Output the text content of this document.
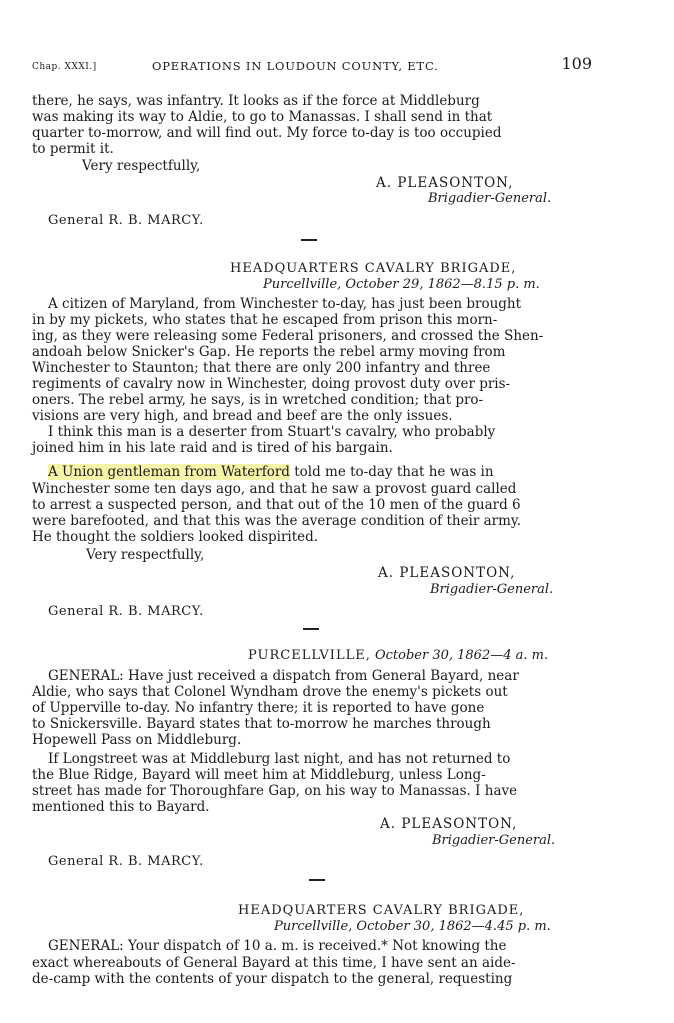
Chap. XXXI.]	OPERATIONS IN LOUDOUN COUNTY, ETC.	109
there, he says, was infantry. It looks as if the force at Middleburg
was making its way to Aldie, to go to Manassas. I shall send in that
quarter to-morrow, and will find out. My force to-day is too occupied
to permit it.
Very respectfully,
A. PLEASONTON,
Brigadier-General.
General R. B. MARCY.
HEADQUARTERS CAVALRY BRIGADE,
Purcellville, October 29, 1862—8.15 p. m.
A citizen of Maryland, from Winchester to-day, has just been brought
in by my pickets, who states that he escaped from prison this morn-
ing, as they were releasing some Federal prisoners, and crossed the Shen-
andoah below Snicker's Gap. He reports the rebel army moving from
Winchester to Staunton; that there are only 200 infantry and three
regiments of cavalry now in Winchester, doing provost duty over pris-
oners. The rebel army, he says, is in wretched condition; that pro-
visions are very high, and bread and beef are the only issues.
I think this man is a deserter from Stuart's cavalry, who probably
joined him in his late raid and is tired of his bargain.
A Union gentleman from Waterford told me to-day that he was in
Winchester some ten days ago, and that he saw a provost guard called
to arrest a suspected person, and that out of the 10 men of the guard 6
were barefooted, and that this was the average condition of their army.
He thought the soldiers looked dispirited.
Very respectfully,
A. PLEASONTON,
Brigadier-General.
General R. B. MARCY.
PURCELLVILLE, October 30, 1862—4 a. m.
GENERAL: Have just received a dispatch from General Bayard, near
Aldie, who says that Colonel Wyndham drove the enemy's pickets out
of Upperville to-day. No infantry there; it is reported to have gone
to Snickersville. Bayard states that to-morrow he marches through
Hopewell Pass on Middleburg.
If Longstreet was at Middleburg last night, and has not returned to
the Blue Ridge, Bayard will meet him at Middleburg, unless Long-
street has made for Thoroughfare Gap, on his way to Manassas. I have
mentioned this to Bayard.
A. PLEASONTON,
Brigadier-General.
General R. B. MARCY.
HEADQUARTERS CAVALRY BRIGADE,
Purcellville, October 30, 1862—4.45 p. m.
GENERAL: Your dispatch of 10 a. m. is received.* Not knowing the
exact whereabouts of General Bayard at this time, I have sent an aide-
de-camp with the contents of your dispatch to the general, requesting
